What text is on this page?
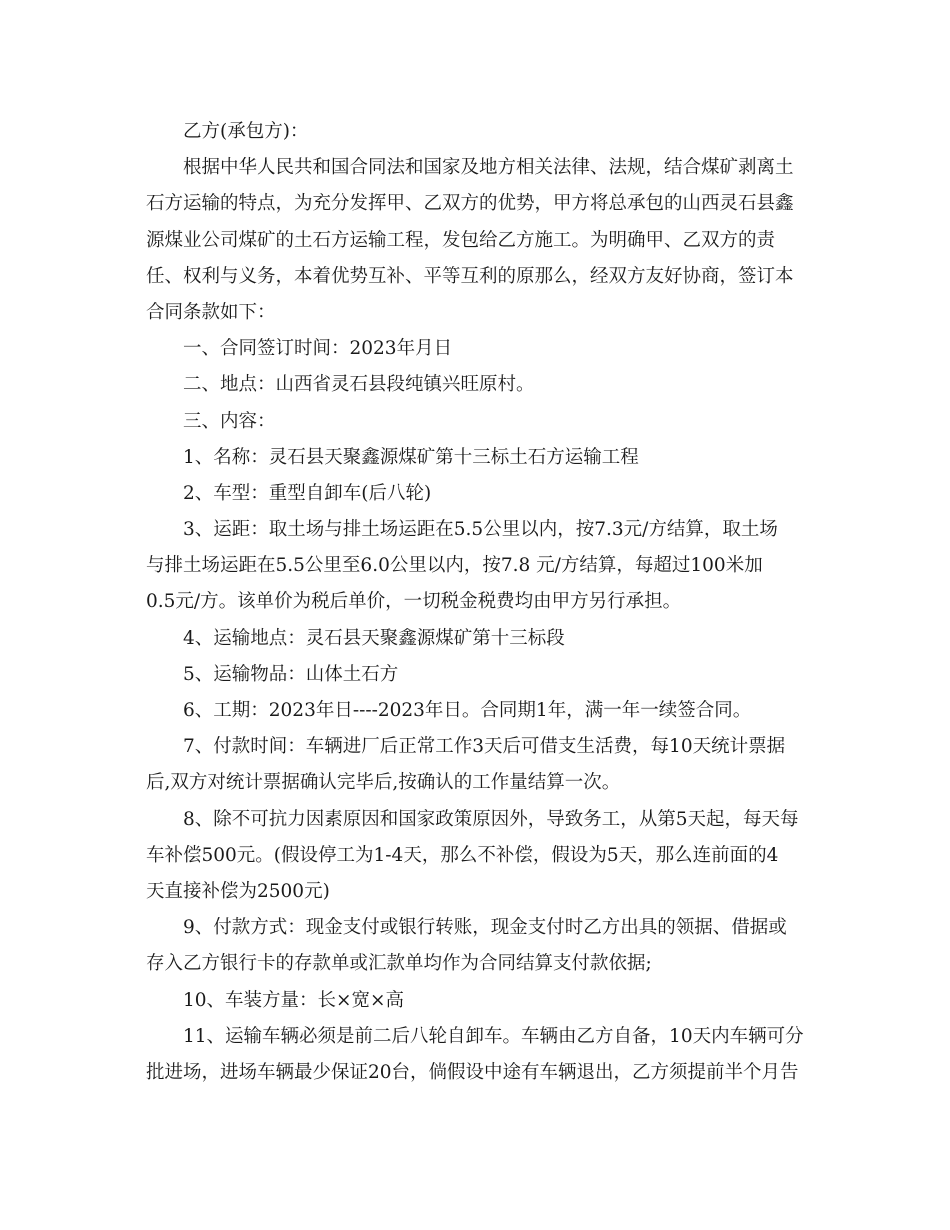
乙方(承包方)：
根据中华人民共和国合同法和国家及地方相关法律、法规，结合煤矿剥离土
石方运输的特点，为充分发挥甲、乙双方的优势，甲方将总承包的山西灵石县鑫
源煤业公司煤矿的土石方运输工程，发包给乙方施工。为明确甲、乙双方的责
任、权利与义务，本着优势互补、平等互利的原那么，经双方友好协商，签订本
合同条款如下：
一、合同签订时间：2023年月日
二、地点：山西省灵石县段纯镇兴旺原村。
三、内容：
1、名称：灵石县天聚鑫源煤矿第十三标土石方运输工程
2、车型：重型自卸车(后八轮)
3、运距：取土场与排土场运距在5.5公里以内，按7.3元/方结算，取土场
与排土场运距在5.5公里至6.0公里以内，按7.8 元/方结算，每超过100米加
0.5元/方。该单价为税后单价，一切税金税费均由甲方另行承担。
4、运输地点：灵石县天聚鑫源煤矿第十三标段
5、运输物品：山体土石方
6、工期：2023年日----2023年日。合同期1年，满一年一续签合同。
7、付款时间：车辆进厂后正常工作3天后可借支生活费，每10天统计票据
后,双方对统计票据确认完毕后,按确认的工作量结算一次。
8、除不可抗力因素原因和国家政策原因外，导致务工，从第5天起，每天每
车补偿500元。(假设停工为1-4天，那么不补偿，假设为5天，那么连前面的4
天直接补偿为2500元)
9、付款方式：现金支付或银行转账，现金支付时乙方出具的领据、借据或
存入乙方银行卡的存款单或汇款单均作为合同结算支付款依据;
10、车装方量：长×宽×高
11、运输车辆必须是前二后八轮自卸车。车辆由乙方自备，10天内车辆可分
批进场，进场车辆最少保证20台，倘假设中途有车辆退出，乙方须提前半个月告
